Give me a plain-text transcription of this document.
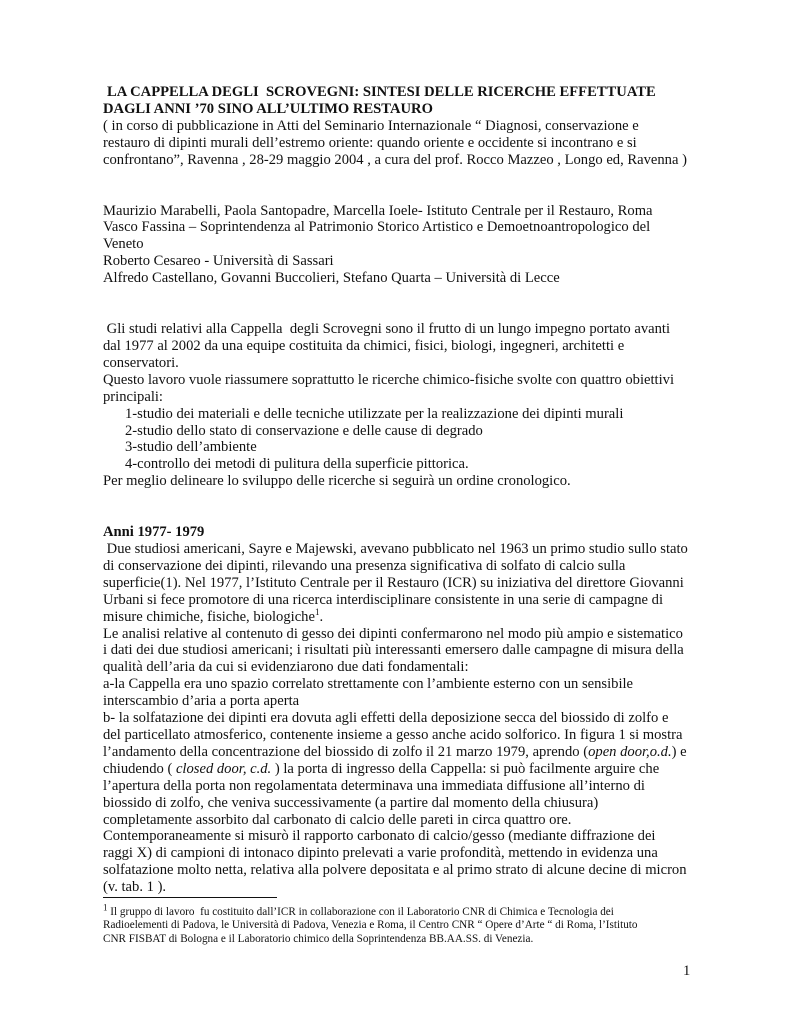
LA CAPPELLA DEGLI  SCROVEGNI: SINTESI DELLE RICERCHE EFFETTUATE

DAGLI ANNI ’70 SINO ALL’ULTIMO RESTAURO

( in corso di pubblicazione in Atti del Seminario Internazionale “ Diagnosi, conservazione e

restauro di dipinti murali dell’estremo oriente: quando oriente e occidente si incontrano e si

confrontano”, Ravenna , 28-29 maggio 2004 , a cura del prof. Rocco Mazzeo , Longo ed, Ravenna )

Maurizio Marabelli, Paola Santopadre, Marcella Ioele- Istituto Centrale per il Restauro, Roma

Vasco Fassina – Soprintendenza al Patrimonio Storico Artistico e Demoetnoantropologico del

Veneto

Roberto Cesareo - Università di Sassari

Alfredo Castellano, Govanni Buccolieri, Stefano Quarta – Università di Lecce

Gli studi relativi alla Cappella  degli Scrovegni sono il frutto di un lungo impegno portato avanti

dal 1977 al 2002 da una equipe costituita da chimici, fisici, biologi, ingegneri, architetti e

conservatori.

Questo lavoro vuole riassumere soprattutto le ricerche chimico-fisiche svolte con quattro obiettivi

principali:

1-studio dei materiali e delle tecniche utilizzate per la realizzazione dei dipinti murali

2-studio dello stato di conservazione e delle cause di degrado

3-studio dell’ambiente

4-controllo dei metodi di pulitura della superficie pittorica.

Per meglio delineare lo sviluppo delle ricerche si seguirà un ordine cronologico.

Anni 1977- 1979

Due studiosi americani, Sayre e Majewski, avevano pubblicato nel 1963 un primo studio sullo stato

di conservazione dei dipinti, rilevando una presenza significativa di solfato di calcio sulla

superficie(1). Nel 1977, l’Istituto Centrale per il Restauro (ICR) su iniziativa del direttore Giovanni

Urbani si fece promotore di una ricerca interdisciplinare consistente in una serie di campagne di

misure chimiche, fisiche, biologiche$^1$.

Le analisi relative al contenuto di gesso dei dipinti confermarono nel modo più ampio e sistematico

i dati dei due studiosi americani; i risultati più interessanti emersero dalle campagne di misura della

qualità dell’aria da cui si evidenziarono due dati fondamentali:

a-la Cappella era uno spazio correlato strettamente con l’ambiente esterno con un sensibile

interscambio d’aria a porta aperta

b- la solfatazione dei dipinti era dovuta agli effetti della deposizione secca del biossido di zolfo e

del particellato atmosferico, contenente insieme a gesso anche acido solforico. In figura 1 si mostra

l’andamento della concentrazione del biossido di zolfo il 21 marzo 1979, aprendo (open door,o.d.) e

chiudendo ( closed door, c.d. ) la porta di ingresso della Cappella: si può facilmente arguire che

l’apertura della porta non regolamentata determinava una immediata diffusione all’interno di

biossido di zolfo, che veniva successivamente (a partire dal momento della chiusura)

completamente assorbito dal carbonato di calcio delle pareti in circa quattro ore.

Contemporaneamente si misurò il rapporto carbonato di calcio/gesso (mediante diffrazione dei

raggi X) di campioni di intonaco dipinto prelevati a varie profondità, mettendo in evidenza una

solfatazione molto netta, relativa alla polvere depositata e al primo strato di alcune decine di micron

(v. tab. 1 ).

$^1$ Il gruppo di lavoro  fu costituito dall’ICR in collaborazione con il Laboratorio CNR di Chimica e Tecnologia dei
Radioelementi di Padova, le Università di Padova, Venezia e Roma, il Centro CNR “ Opere d’Arte “ di Roma, l’Istituto
CNR FISBAT di Bologna e il Laboratorio chimico della Soprintendenza BB.AA.SS. di Venezia.
1
